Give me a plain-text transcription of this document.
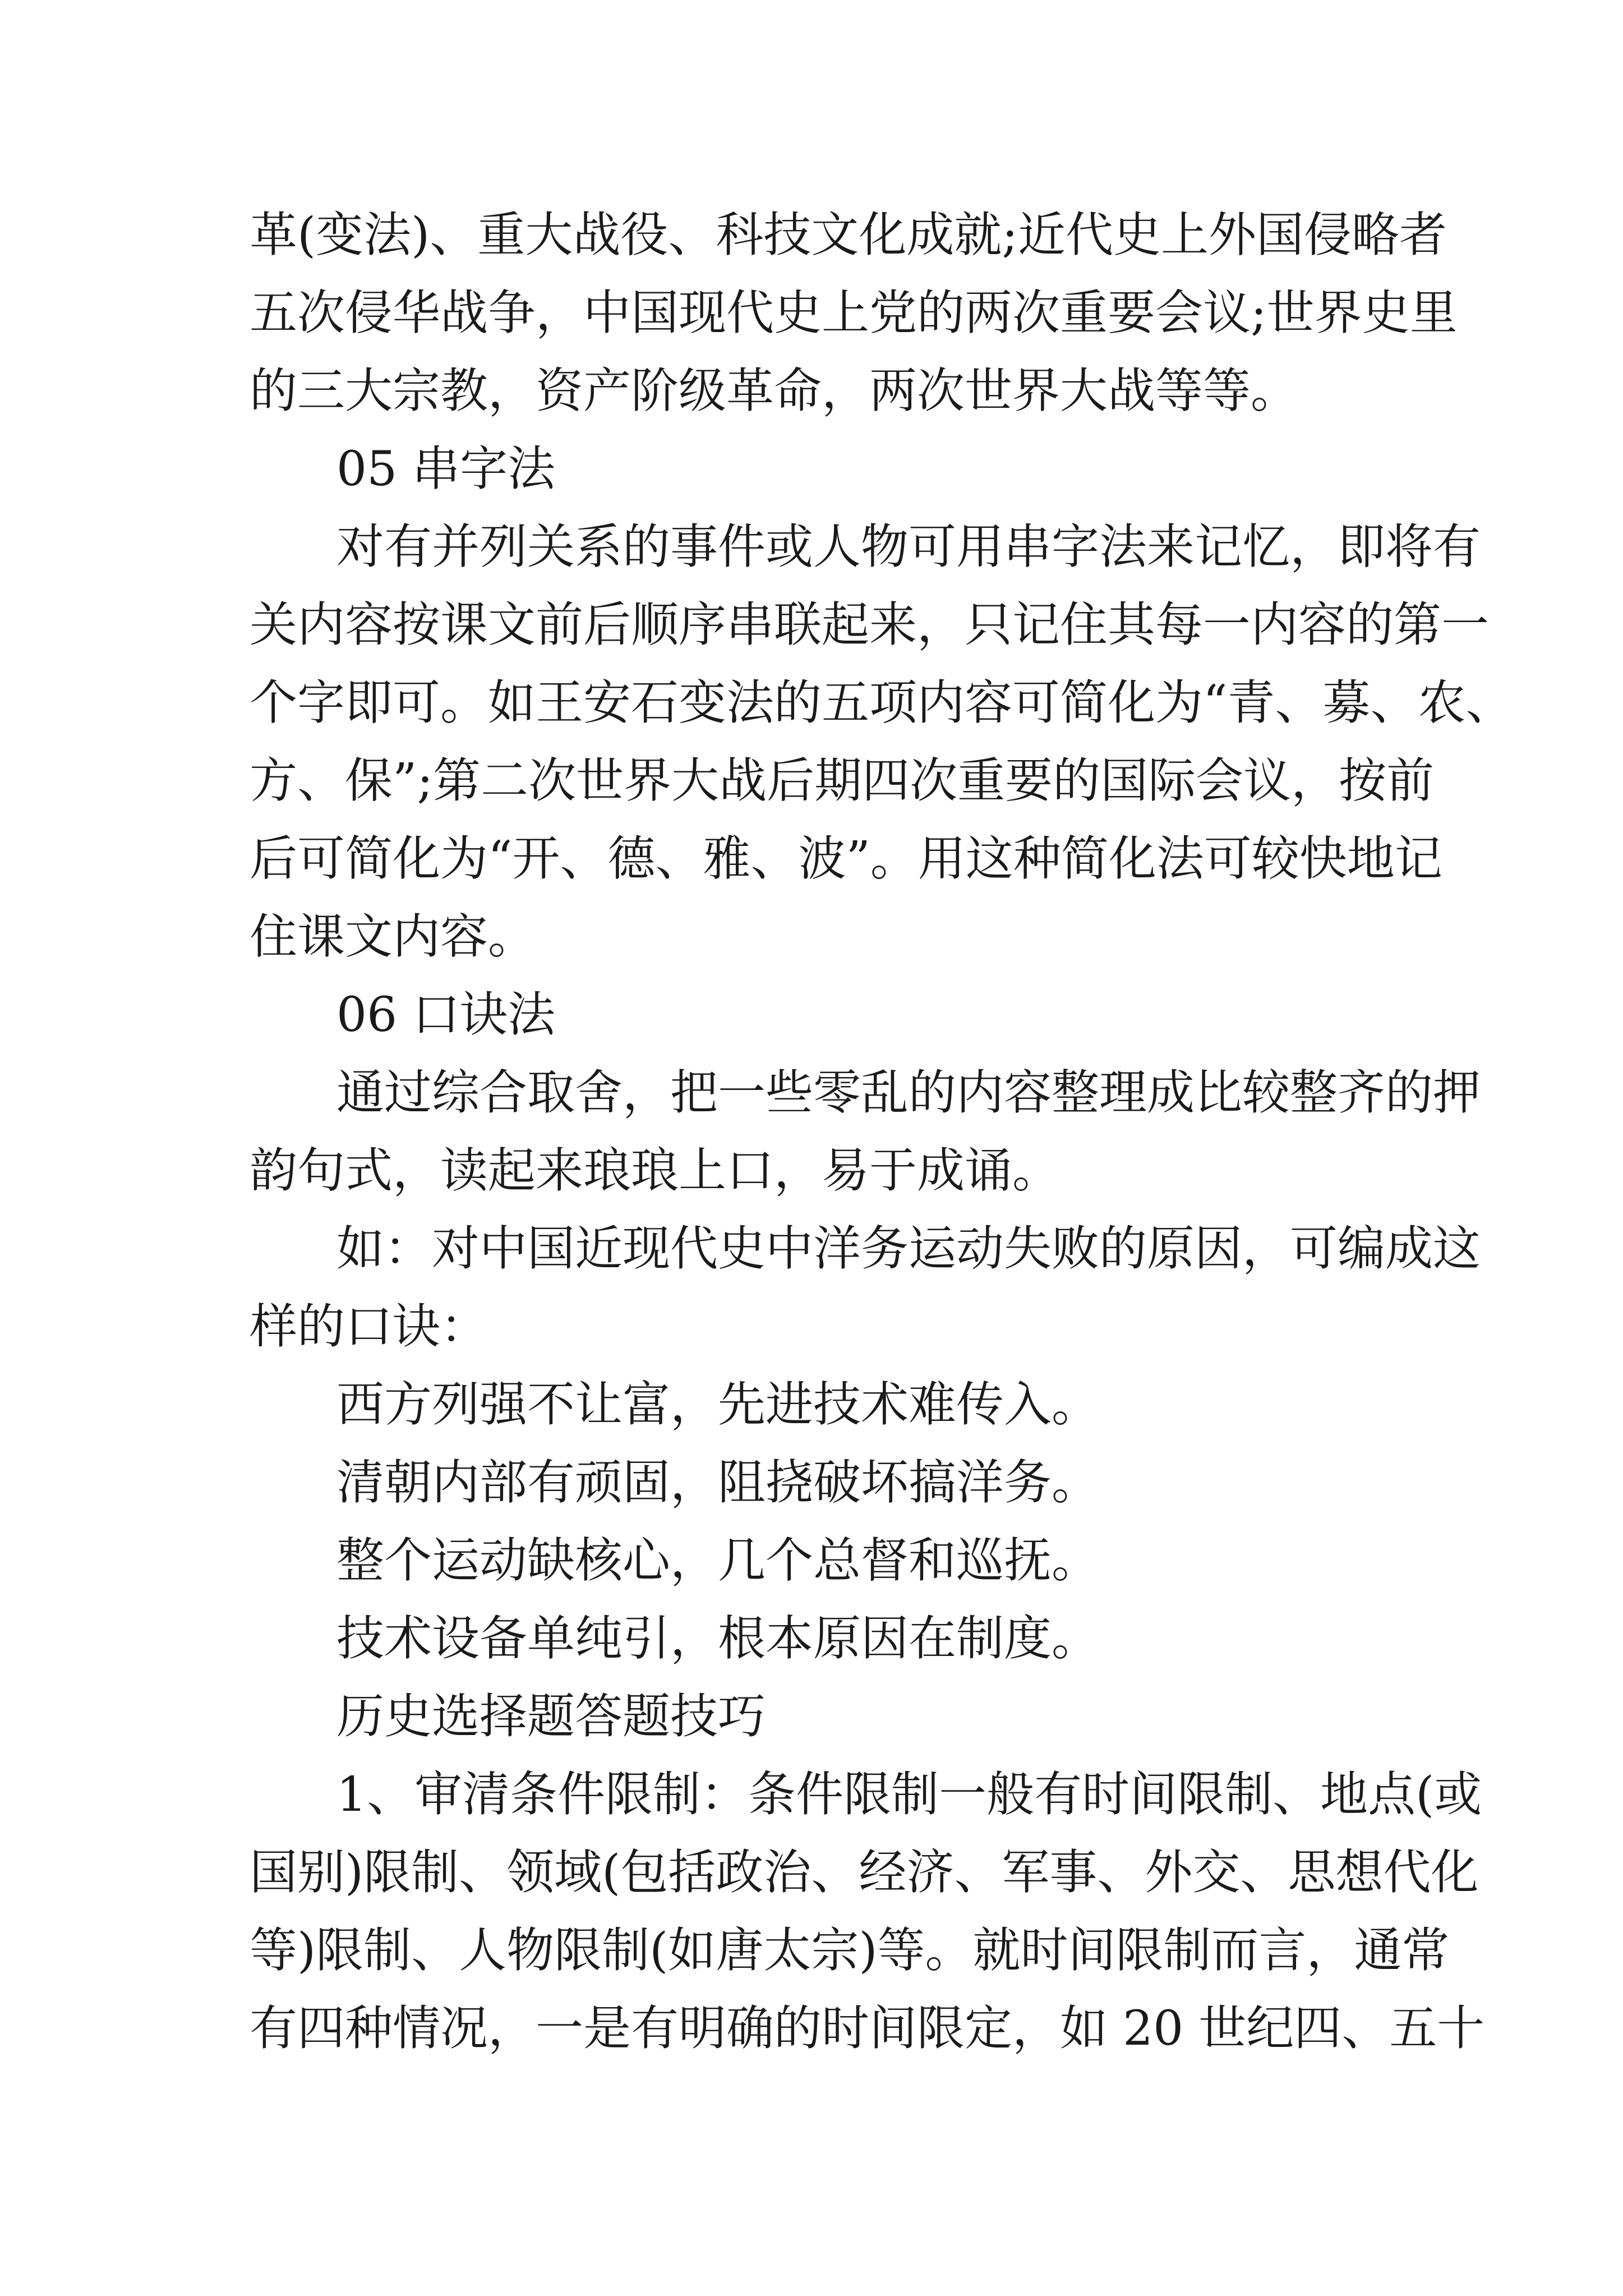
革(变法)、重大战役、科技文化成就;近代史上外国侵略者

五次侵华战争，中国现代史上党的两次重要会议;世界史里

的三大宗教，资产阶级革命，两次世界大战等等。

05 串字法

对有并列关系的事件或人物可用串字法来记忆，即将有

关内容按课文前后顺序串联起来，只记住其每一内容的第一

个字即可。如王安石变法的五项内容可简化为“青、募、农、

方、保”;第二次世界大战后期四次重要的国际会议，按前

后可简化为“开、德、雅、波”。用这种简化法可较快地记

住课文内容。

06 口诀法

通过综合取舍，把一些零乱的内容整理成比较整齐的押

韵句式，读起来琅琅上口，易于成诵。

如：对中国近现代史中洋务运动失败的原因，可编成这

样的口诀：

西方列强不让富，先进技术难传入。

清朝内部有顽固，阻挠破坏搞洋务。

整个运动缺核心，几个总督和巡抚。

技术设备单纯引，根本原因在制度。

历史选择题答题技巧

1、审清条件限制：条件限制一般有时间限制、地点(或

国别)限制、领域(包括政治、经济、军事、外交、思想代化

等)限制、人物限制(如唐太宗)等。就时间限制而言，通常

有四种情况，一是有明确的时间限定，如 20 世纪四、五十
